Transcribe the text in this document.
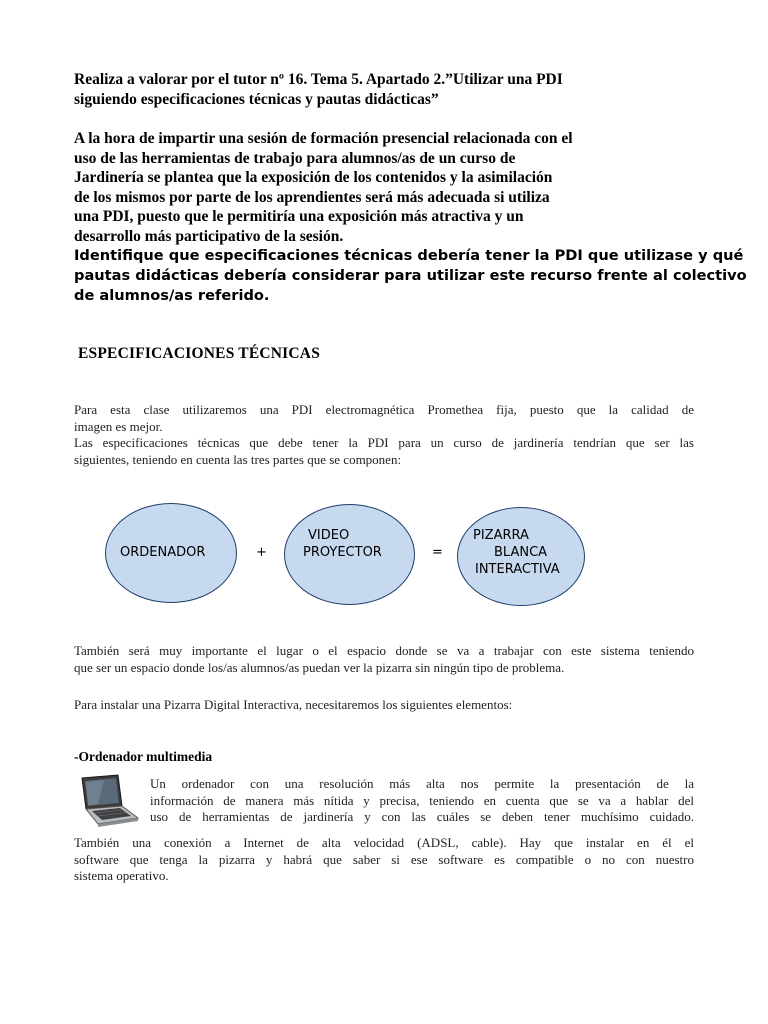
Realiza a valorar por el tutor nº 16. Tema 5. Apartado 2.”Utilizar una PDI
siguiendo especificaciones técnicas y pautas didácticas”
A la hora de impartir una sesión de formación presencial relacionada con el
uso de las herramientas de trabajo para alumnos/as de un curso de
Jardinería se plantea que la exposición de los contenidos y la asimilación
de los mismos por parte de los aprendientes será más adecuada si utiliza
una PDI, puesto que le permitiría una exposición más atractiva y un
desarrollo más participativo de la sesión.
Identifique que especificaciones técnicas debería tener la PDI que utilizase y qué
pautas didácticas debería considerar para utilizar este recurso frente al colectivo
de alumnos/as referido.
ESPECIFICACIONES TÉCNICAS
Para esta clase utilizaremos una PDI electromagnética Promethea fija, puesto que la calidad de
imagen es mejor.
Las especificaciones técnicas que debe tener la PDI para un curso de jardinería tendrían que ser las
siguientes, teniendo en cuenta las tres partes que se componen:
ORDENADOR	+
VIDEO
PROYECTOR	=
PIZARRA
BLANCA
INTERACTIVA
También será muy importante el lugar o el espacio donde se va a trabajar con este sistema teniendo
que ser un espacio donde los/as alumnos/as puedan ver la pizarra sin ningún tipo de problema.
Para instalar una Pizarra Digital Interactiva, necesitaremos los siguientes elementos:
-Ordenador multimedia
Un ordenador con una resolución más alta nos permite la presentación de la
información de manera más nítida y precisa, teniendo en cuenta que se va a hablar del
uso de herramientas de jardinería y con las cuáles se deben tener muchísimo cuidado.
También una conexión a Internet de alta velocidad (ADSL, cable). Hay que instalar en él el
software que tenga la pizarra y habrá que saber si ese software es compatible o no con nuestro
sistema operativo.
